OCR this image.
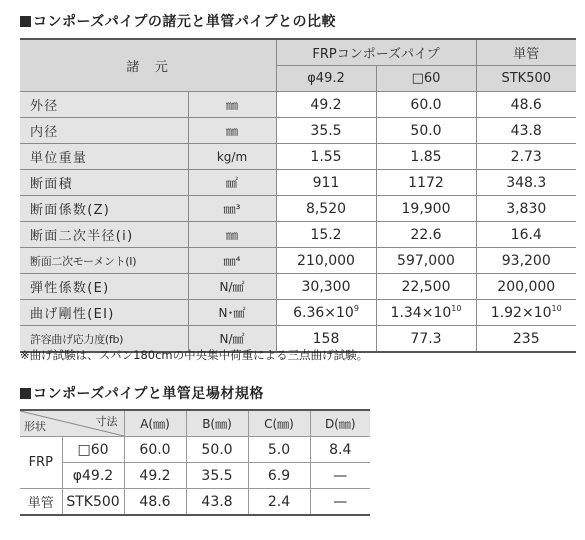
コンポーズパイプの諸元と単管パイプとの比較
諸　元		FRPコンポーズパイプ		単管
		φ49.2	□60	STK500
外径	㎜	49.2	60.0	48.6
内径	㎜	35.5	50.0	43.8
単位重量	kg/m	1.55	1.85	2.73
断面積	㎟	911	1172	348.3
断面係数(Z)	㎜³	8,520	19,900	3,830
断面二次半径(i)	㎜	15.2	22.6	16.4
断面二次モーメント(I)	㎜⁴	210,000	597,000	93,200
弾性係数(E)	N/㎟	30,300	22,500	200,000
曲げ剛性(EI)	N･㎟	$6.36\times 10^9$	$1.34\times 10^{10}$	$1.92\times 10^{10}$
許容曲げ応力度(fb)	N/㎟	158	77.3	235
※曲げ試験は、スパン180cmの中央集中荷重による三点曲げ試験。
コンポーズパイプと単管足場材規格
寸法
形状		A(㎜)	B(㎜)	C(㎜)	D(㎜)
FRP	□60	60.0	50.0	5.0	8.4
	φ49.2	49.2	35.5	6.9	—
単管	STK500	48.6	43.8	2.4	—
